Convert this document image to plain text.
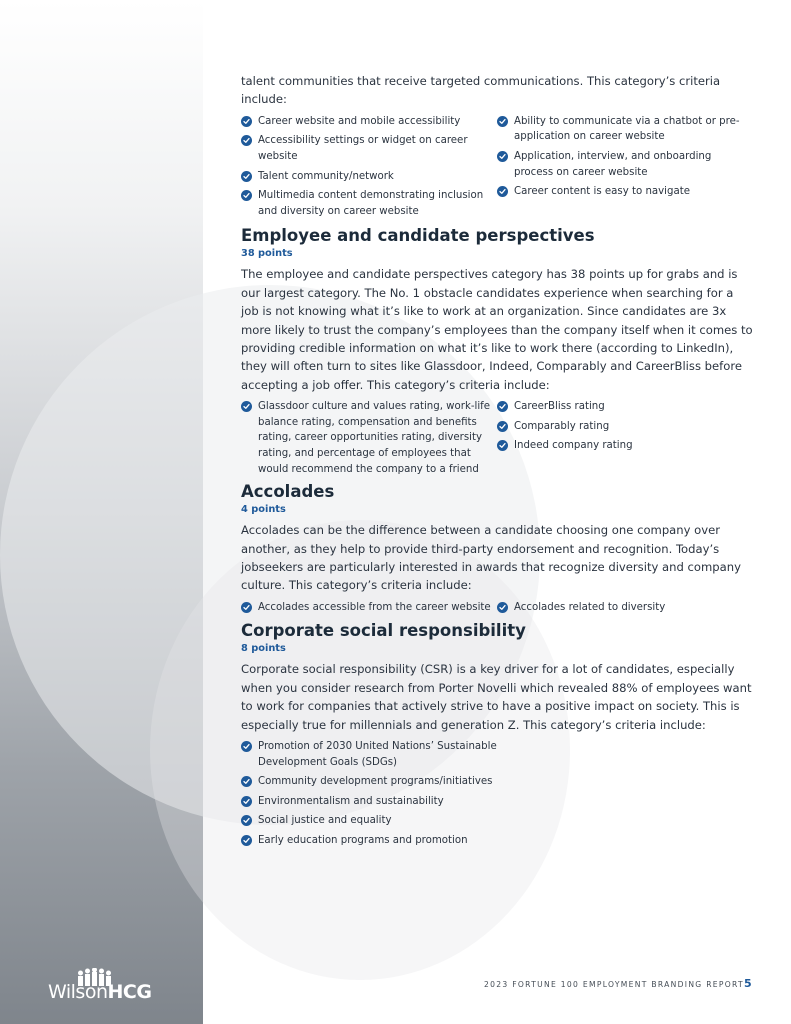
WilsonHCG

talent communities that receive targeted communications. This category’s criteria include:

Career website and mobile accessibility
Accessibility settings or widget on career website
Talent community/network
Multimedia content demonstrating inclusion and diversity on career website
Ability to communicate via a chatbot or pre-application on career website
Application, interview, and onboarding process on career website
Career content is easy to navigate
Employee and candidate perspectives
38 points

The employee and candidate perspectives category has 38 points up for grabs and is our largest category. The No. 1 obstacle candidates experience when searching for a job is not knowing what it’s like to work at an organization. Since candidates are 3x more likely to trust the company’s employees than the company itself when it comes to providing credible information on what it’s like to work there (according to LinkedIn), they will often turn to sites like Glassdoor, Indeed, Comparably and CareerBliss before accepting a job offer. This category’s criteria include:

Glassdoor culture and values rating, work-life balance rating, compensation and benefits rating, career opportunities rating, diversity rating, and percentage of employees that would recommend the company to a friend
CareerBliss rating
Comparably rating
Indeed company rating
Accolades
4 points

Accolades can be the difference between a candidate choosing one company over another, as they help to provide third-party endorsement and recognition. Today’s jobseekers are particularly interested in awards that recognize diversity and company culture. This category’s criteria include:

Accolades accessible from the career website	Accolades related to diversity
Corporate social responsibility
8 points

Corporate social responsibility (CSR) is a key driver for a lot of candidates, especially when you consider research from Porter Novelli which revealed 88% of employees want to work for companies that actively strive to have a positive impact on society. This is especially true for millennials and generation Z. This category’s criteria include:

Promotion of 2030 United Nations’ Sustainable Development Goals (SDGs)
Community development programs/initiatives
Environmentalism and sustainability
Social justice and equality
Early education programs and promotion
2023 FORTUNE 100 EMPLOYMENT BRANDING REPORT 5
